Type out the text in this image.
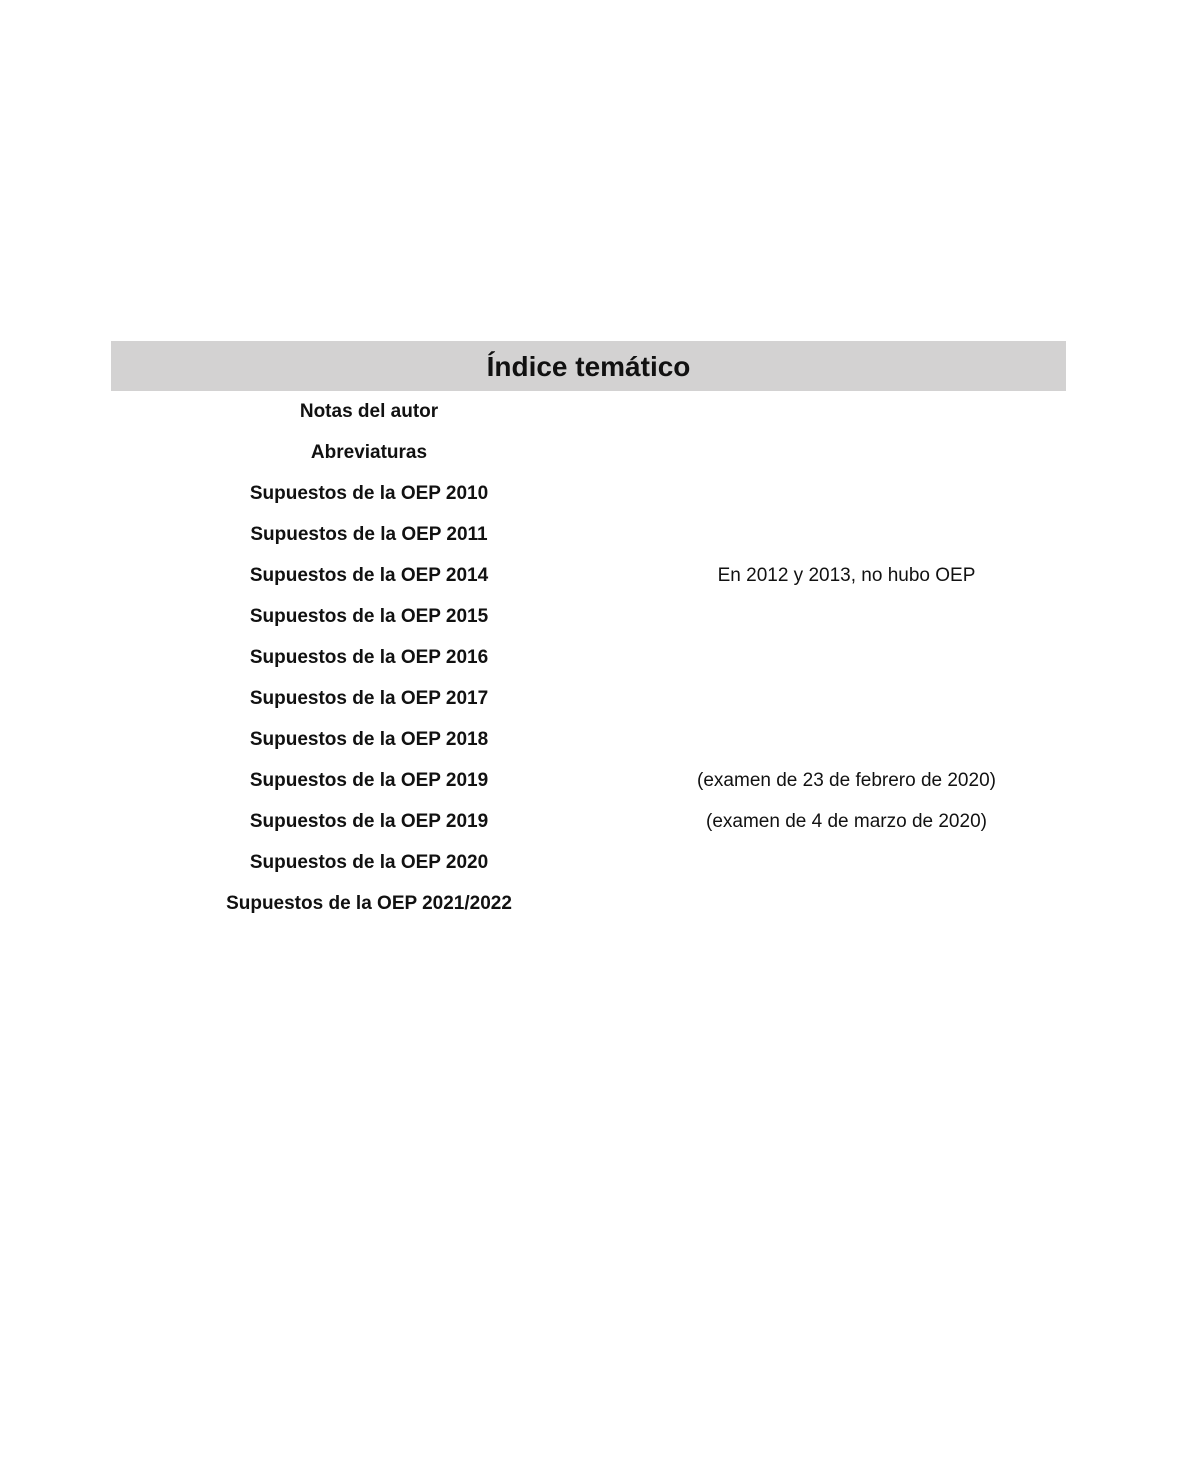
Índice temático
Notas del autor
Abreviaturas
Supuestos de la OEP 2010
Supuestos de la OEP 2011
Supuestos de la OEP 2014	En 2012 y 2013, no hubo OEP
Supuestos de la OEP 2015
Supuestos de la OEP 2016
Supuestos de la OEP 2017
Supuestos de la OEP 2018
Supuestos de la OEP 2019	(examen de 23 de febrero de 2020)
Supuestos de la OEP 2019	(examen de 4 de marzo de 2020)
Supuestos de la OEP 2020
Supuestos de la OEP 2021/2022
